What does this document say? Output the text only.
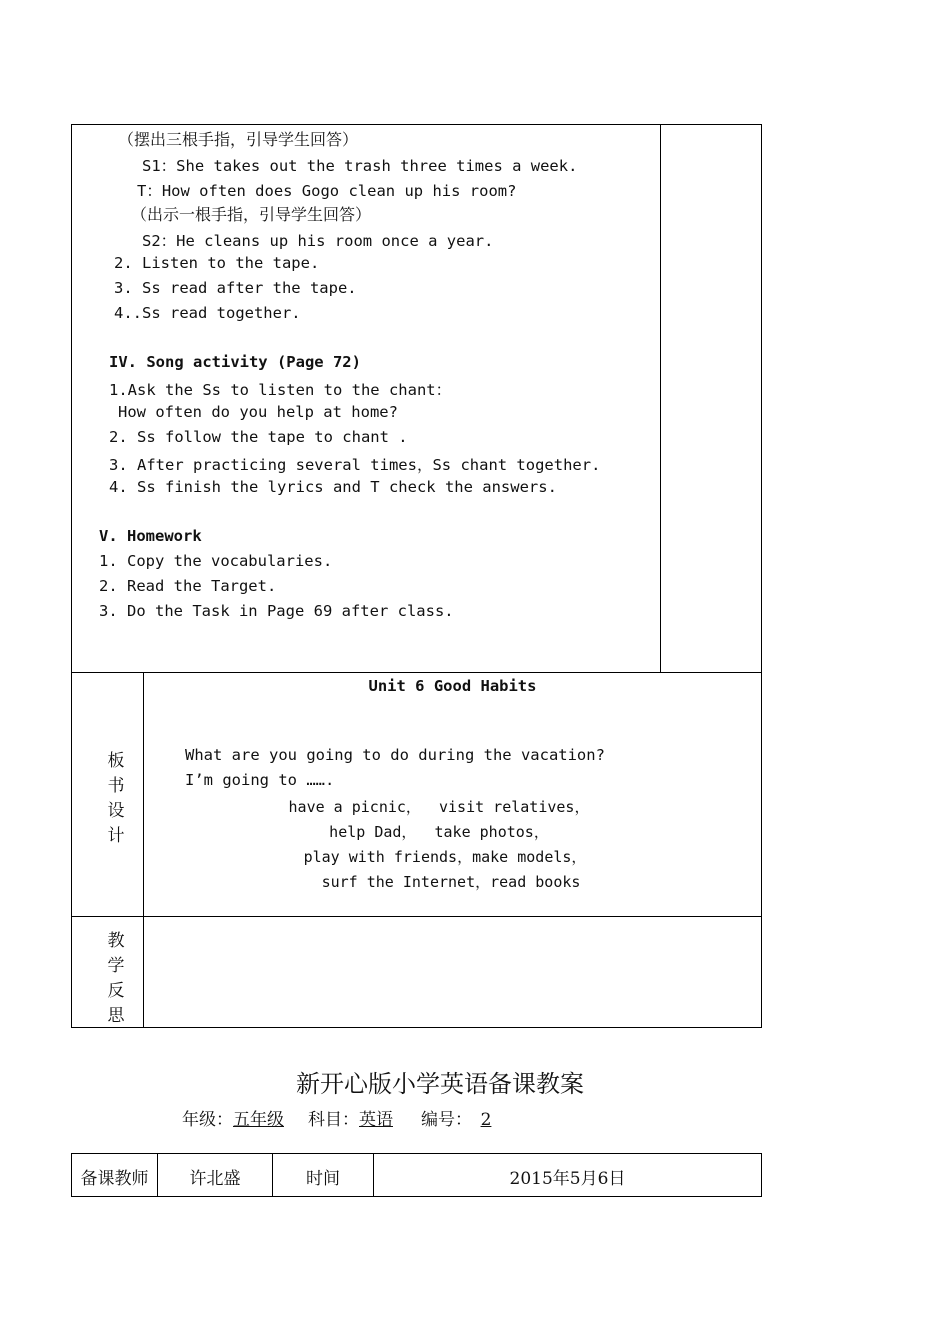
（摆出三根手指，引导学生回答）
S1：She takes out the trash three times a week.
T：How often does Gogo clean up his room?
（出示一根手指，引导学生回答）
S2：He cleans up his room once a year.
2. Listen to the tape.
3. Ss read after the tape.
4..Ss read together.
IV. Song activity (Page 72)
1.Ask the Ss to listen to the chant：
How often do you help at home?
2. Ss follow the tape to chant .
3. After practicing several times，Ss chant together.
4. Ss finish the lyrics and T check the answers.
V. Homework
1. Copy the vocabularies.
2. Read the Target.
3. Do the Task in Page 69 after class.
板
书
设
计
Unit 6 Good Habits
What are you going to do during the vacation?
I’m going to …….
have a picnic，  visit relatives，
help Dad，  take photos，
play with friends，make models，
surf the Internet，read books
教
学
反
思
新开心版小学英语备课教案
年级：五年级 科目：英语 编号： 2
备课教师	许北盛	时间	2015年5月6日
